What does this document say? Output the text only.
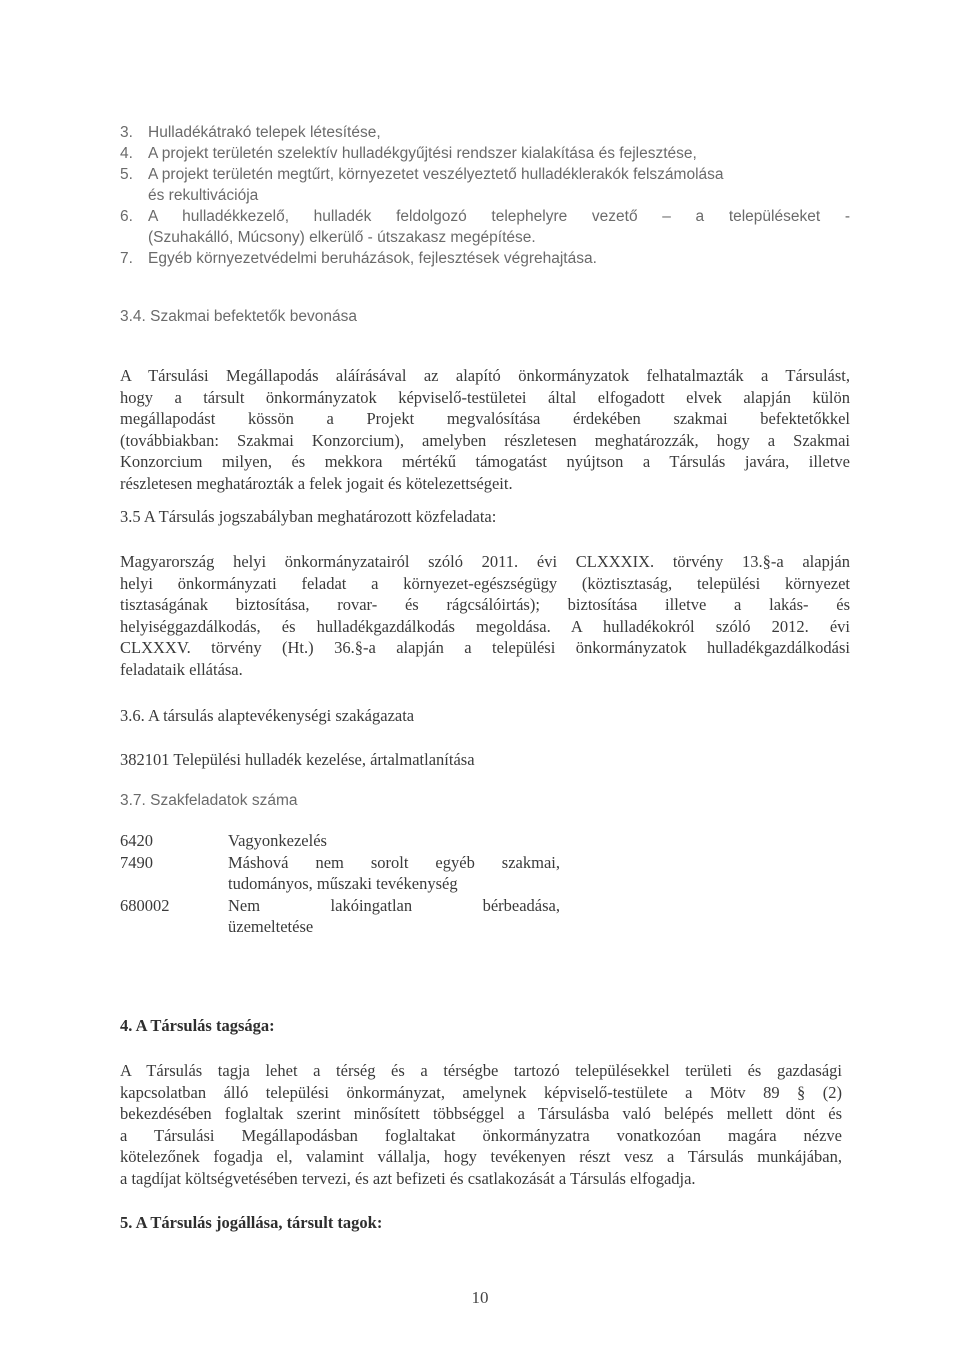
3. Hulladékátrakó telepek létesítése,
4. A projekt területén szelektív hulladékgyűjtési rendszer kialakítása és fejlesztése,
5. A projekt területén megtűrt, környezetet veszélyeztető hulladéklerakók felszámolása
és rekultivációja
6. A hulladékkezelő, hulladék feldolgozó telephelyre vezető – a településeket -
(Szuhakálló, Múcsony) elkerülő - útszakasz megépítése.
7. Egyéb környezetvédelmi beruházások, fejlesztések végrehajtása.
3.4. Szakmai befektetők bevonása
A Társulási Megállapodás aláírásával az alapító önkormányzatok felhatalmazták a Társulást,
hogy a társult önkormányzatok képviselő-testületei által elfogadott elvek alapján külön
megállapodást kössön a Projekt megvalósítása érdekében szakmai befektetőkkel
(továbbiakban: Szakmai Konzorcium), amelyben részletesen meghatározzák, hogy a Szakmai
Konzorcium milyen, és mekkora mértékű támogatást nyújtson a Társulás javára, illetve
részletesen meghatározták a felek jogait és kötelezettségeit.
3.5 A Társulás jogszabályban meghatározott közfeladata:
Magyarország helyi önkormányzatairól szóló 2011. évi CLXXXIX. törvény 13.§-a alapján
helyi önkormányzati feladat a környezet-egészségügy (köztisztaság, települési környezet
tisztaságának biztosítása, rovar- és rágcsálóirtás); biztosítása illetve a lakás- és
helyiséggazdálkodás, és hulladékgazdálkodás megoldása. A hulladékokról szóló 2012. évi
CLXXXV. törvény (Ht.) 36.§-a alapján a települési önkormányzatok hulladékgazdálkodási
feladataik ellátása.
3.6. A társulás alaptevékenységi szakágazata
382101 Települési hulladék kezelése, ártalmatlanítása
3.7. Szakfeladatok száma
6420	Vagyonkezelés
7490	Máshová nem sorolt egyéb szakmai,
tudományos, műszaki tevékenység
680002	Nem lakóingatlan bérbeadása,
üzemeltetése
4. A Társulás tagsága:
A Társulás tagja lehet a térség és a térségbe tartozó településekkel területi és gazdasági
kapcsolatban álló települési önkormányzat, amelynek képviselő-testülete a Mötv 89 § (2)
bekezdésében foglaltak szerint minősített többséggel a Társulásba való belépés mellett dönt és
a Társulási Megállapodásban foglaltakat önkormányzatra vonatkozóan magára nézve
kötelezőnek fogadja el, valamint vállalja, hogy tevékenyen részt vesz a Társulás munkájában,
a tagdíjat költségvetésében tervezi, és azt befizeti és csatlakozását a Társulás elfogadja.
5. A Társulás jogállása, társult tagok:
10
